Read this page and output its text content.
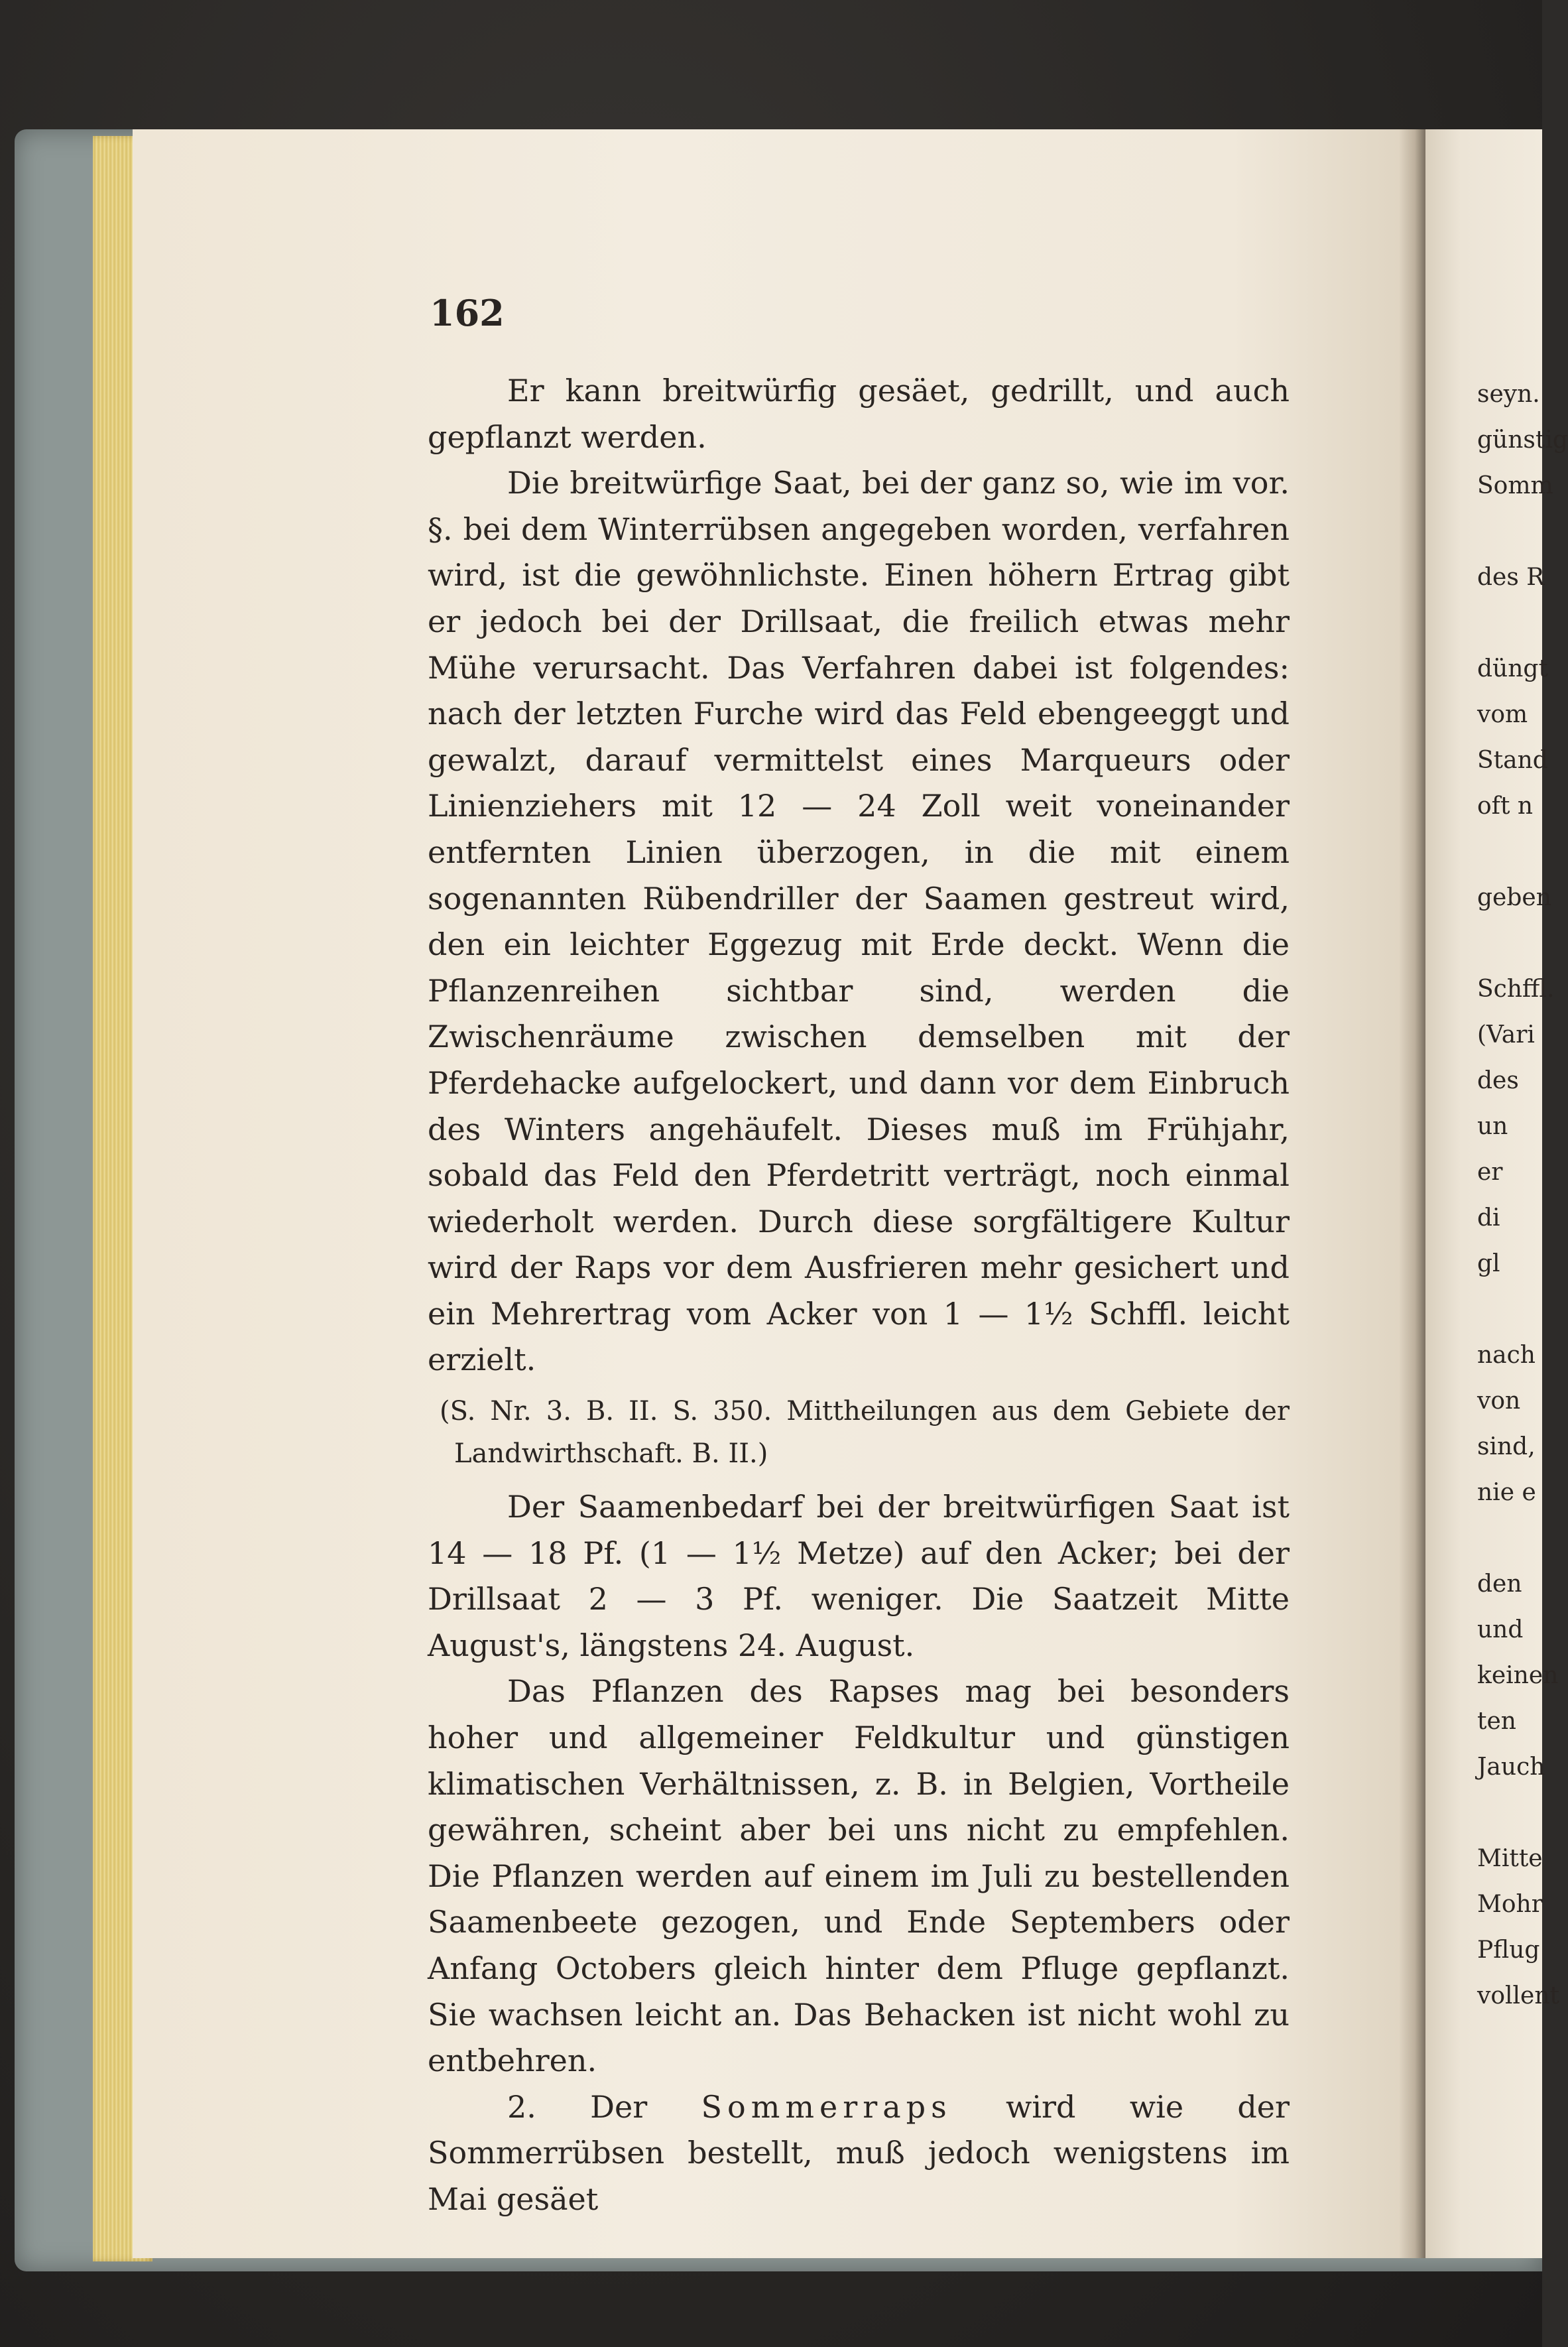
162

Er kann breitwürfig gesäet, gedrillt, und auch gepflanzt werden.

Die breitwürfige Saat, bei der ganz so, wie im vor. §. bei dem Winterrübsen angegeben worden, verfahren wird, ist die gewöhnlichste. Einen höhern Ertrag gibt er jedoch bei der Drillsaat, die freilich etwas mehr Mühe verursacht. Das Verfahren dabei ist folgendes: nach der letzten Furche wird das Feld ebengeeggt und gewalzt, darauf vermittelst eines Marqueurs oder Linienziehers mit 12 — 24 Zoll weit voneinander entfernten Linien überzogen, in die mit einem sogenannten Rübendriller der Saamen gestreut wird, den ein leichter Eggezug mit Erde deckt. Wenn die Pflanzenreihen sichtbar sind, werden die Zwischenräume zwischen demselben mit der Pferdehacke aufgelockert, und dann vor dem Einbruch des Winters angehäufelt. Dieses muß im Frühjahr, sobald das Feld den Pferdetritt verträgt, noch einmal wiederholt werden. Durch diese sorgfältigere Kultur wird der Raps vor dem Ausfrieren mehr gesichert und ein Mehrertrag vom Acker von 1 — 1½ Schffl. leicht erzielt.

(S. Nr. 3. B. II. S. 350. Mittheilungen aus dem Gebiete der Landwirthschaft. B. II.)

Der Saamenbedarf bei der breitwürfigen Saat ist 14 — 18 Pf. (1 — 1½ Metze) auf den Acker; bei der Drillsaat 2 — 3 Pf. weniger. Die Saatzeit Mitte August's, längstens 24. August.

Das Pflanzen des Rapses mag bei besonders hoher und allgemeiner Feldkultur und günstigen klimatischen Verhältnissen, z. B. in Belgien, Vortheile gewähren, scheint aber bei uns nicht zu empfehlen. Die Pflanzen werden auf einem im Juli zu bestellenden Saamenbeete gezogen, und Ende Septembers oder Anfang Octobers gleich hinter dem Pfluge gepflanzt. Sie wachsen leicht an. Das Behacken ist nicht wohl zu entbehren.

2. Der Sommerraps wird wie der Sommerrübsen bestellt, muß jedoch wenigstens im Mai gesäet

seyn.
günstig
Somm
des R
düngt
vom
Stand
oft n
geben
Schffl.
(Vari
des
un
er
di
gl
nach
von
sind,
nie e
den
und
keinen
ten
Jauch
Mitte
Mohr
Pflug
vollent
